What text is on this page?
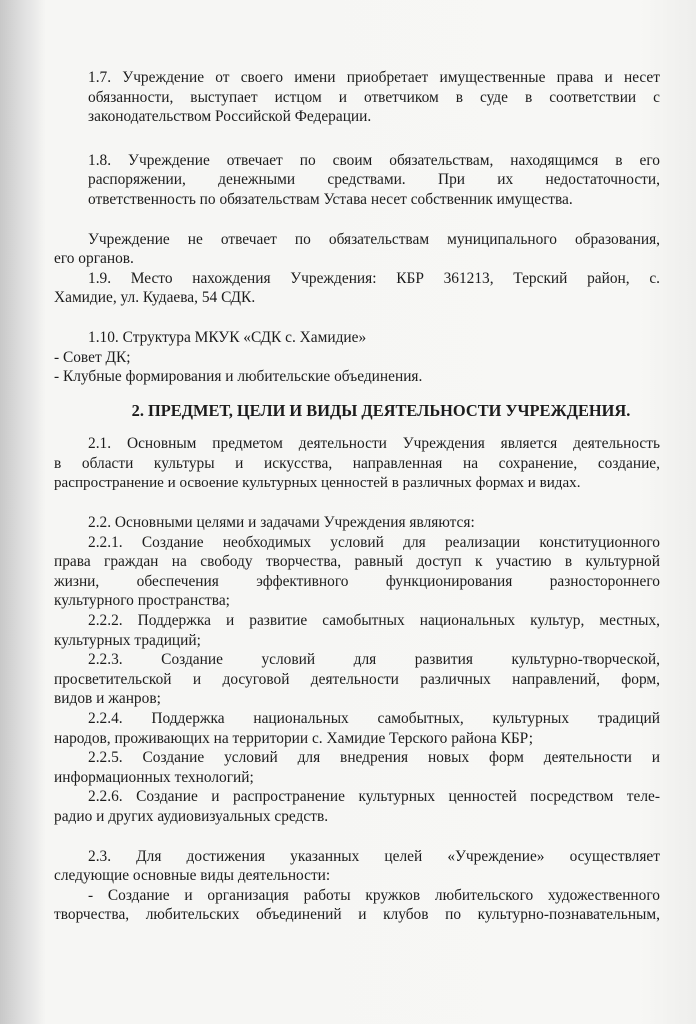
1.7. Учреждение от своего имени приобретает имущественные права и несет
обязанности, выступает истцом и ответчиком в суде в соответствии с
законодательством Российской Федерации.
1.8. Учреждение отвечает по своим обязательствам, находящимся в его
распоряжении, денежными средствами. При их недостаточности,
ответственность по обязательствам Устава несет собственник имущества.
Учреждение не отвечает по обязательствам муниципального образования,
его органов.
1.9. Место нахождения Учреждения: КБР 361213, Терский район, с.
Хамидие, ул. Кудаева, 54 СДК.
1.10. Структура МКУК «СДК с. Хамидие»
- Совет ДК;
- Клубные формирования и любительские объединения.

2. ПРЕДМЕТ, ЦЕЛИ И ВИДЫ ДЕЯТЕЛЬНОСТИ УЧРЕЖДЕНИЯ.

2.1. Основным предметом деятельности Учреждения является деятельность
в области культуры и искусства, направленная на сохранение, создание,
распространение и освоение культурных ценностей в различных формах и видах.
2.2. Основными целями и задачами Учреждения являются:
2.2.1. Создание необходимых условий для реализации конституционного
права граждан на свободу творчества, равный доступ к участию в культурной
жизни, обеспечения эффективного функционирования разностороннего
культурного пространства;
2.2.2. Поддержка и развитие самобытных национальных культур, местных,
культурных традиций;
2.2.3. Создание условий для развития культурно-творческой,
просветительской и досуговой деятельности различных направлений, форм,
видов и жанров;
2.2.4. Поддержка национальных самобытных, культурных традиций
народов, проживающих на территории с. Хамидие Терского района КБР;
2.2.5. Создание условий для внедрения новых форм деятельности и
информационных технологий;
2.2.6. Создание и распространение культурных ценностей посредством теле-
радио и других аудиовизуальных средств.
2.3. Для достижения указанных целей «Учреждение» осуществляет
следующие основные виды деятельности:
- Создание и организация работы кружков любительского художественного
творчества, любительских объединений и клубов по культурно-познавательным,
